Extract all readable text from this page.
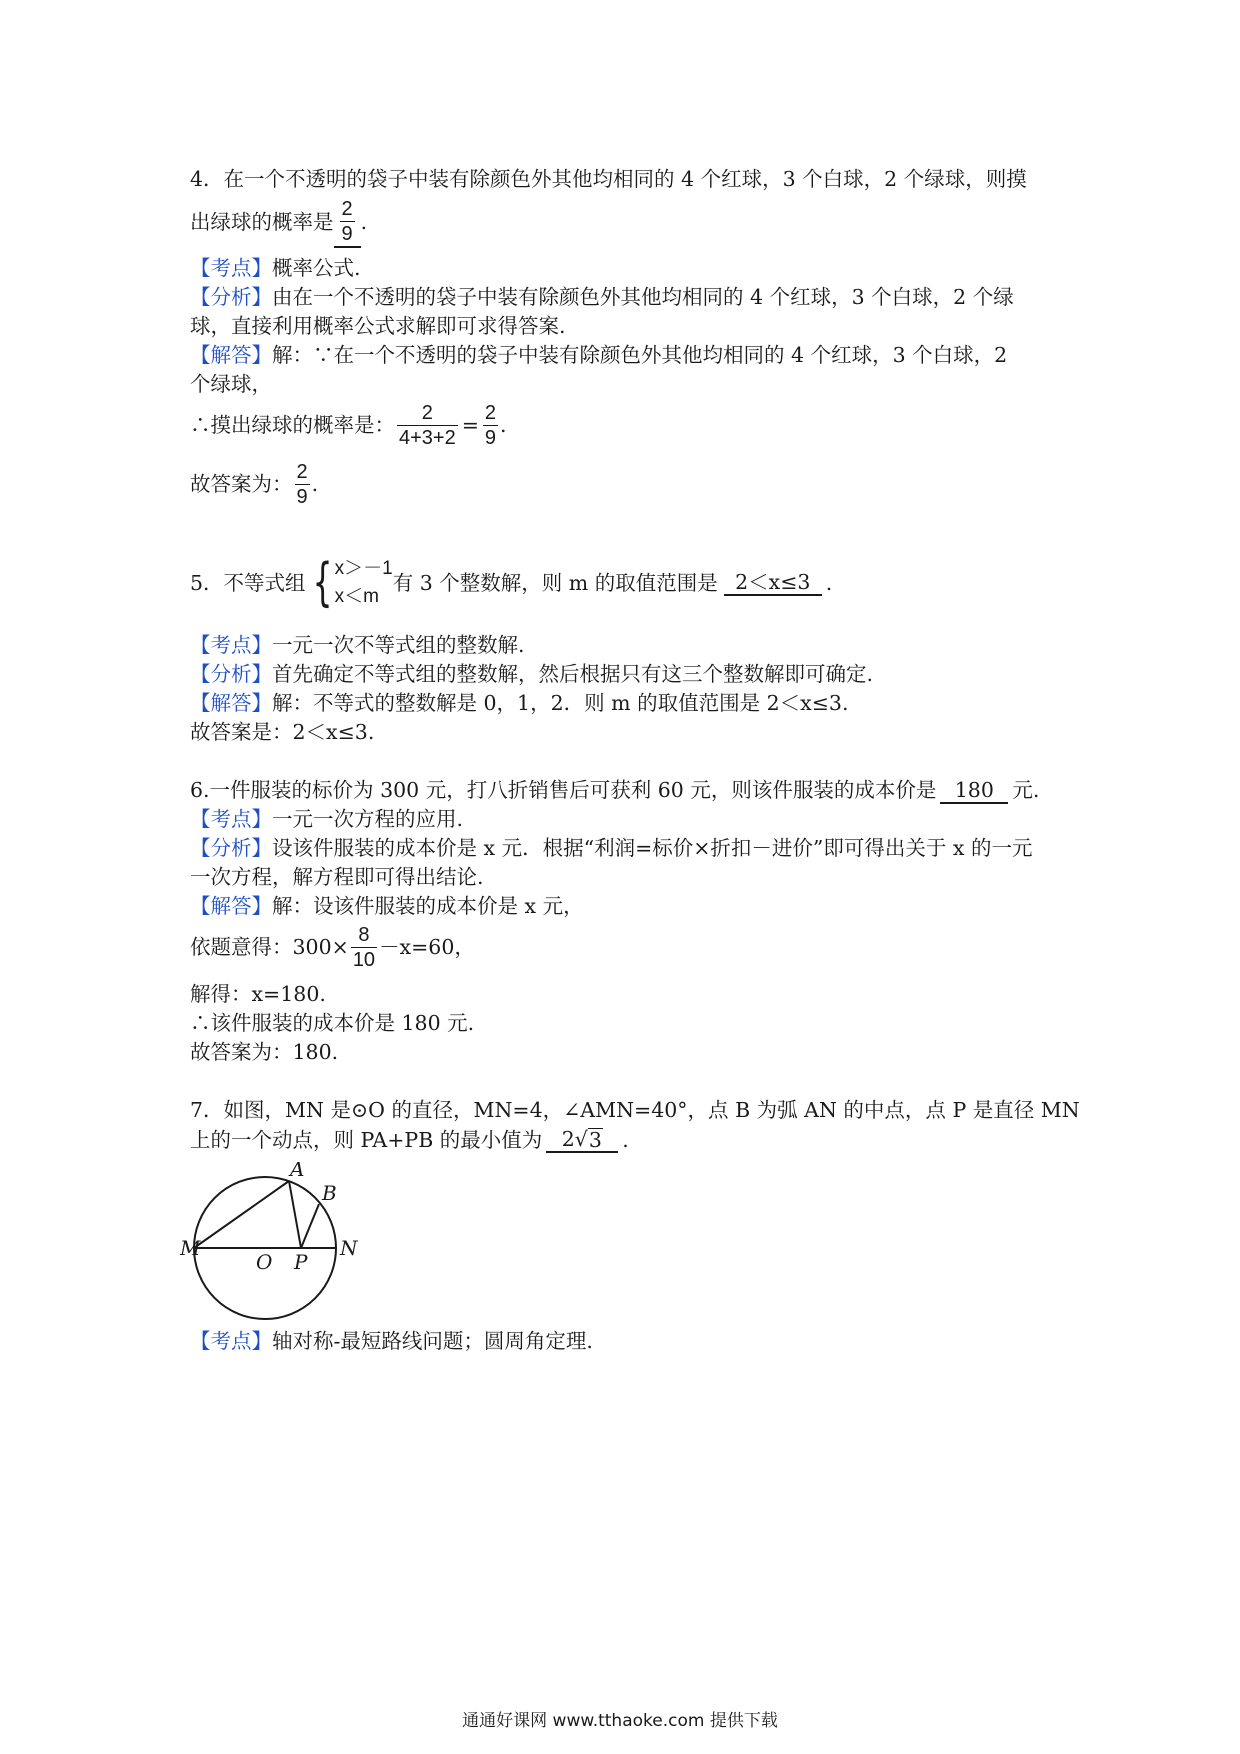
4．在一个不透明的袋子中装有除颜色外其他均相同的 4 个红球，3 个白球，2 个绿球，则摸
出绿球的概率是 $\frac{2}{9}$ .
【考点】概率公式.
【分析】由在一个不透明的袋子中装有除颜色外其他均相同的 4 个红球，3 个白球，2 个绿
球，直接利用概率公式求解即可求得答案.
【解答】解：∵在一个不透明的袋子中装有除颜色外其他均相同的 4 个红球，3 个白球，2
个绿球，
∴摸出绿球的概率是： $\frac{2}{4+3+2} = \frac{2}{9}$ .
故答案为： $\frac{2}{9}$ .
5．不等式组 { x＞－1
x＜m
有 3 个整数解，则 m 的取值范围是 2＜x≤3 .
【考点】一元一次不等式组的整数解.
【分析】首先确定不等式组的整数解，然后根据只有这三个整数解即可确定.
【解答】解：不等式的整数解是 0，1，2．则 m 的取值范围是 2＜x≤3.
故答案是：2＜x≤3.
6.一件服装的标价为 300 元，打八折销售后可获利 60 元，则该件服装的成本价是 180 元.
【考点】一元一次方程的应用.
【分析】设该件服装的成本价是 x 元．根据“利润=标价×折扣－进价”即可得出关于 x 的一元
一次方程，解方程即可得出结论.
【解答】解：设该件服装的成本价是 x 元，
依题意得：$300\times \frac{8}{10} -x=60$，
解得：x=180.
∴该件服装的成本价是 180 元.
故答案为：180.
7．如图，MN 是⊙O 的直径，MN=4，∠AMN=40°，点 B 为弧 AN 的中点，点 P 是直径 MN
上的一个动点，则 PA+PB 的最小值为 2 √ 3 .
A
B
M
O P
N
【考点】轴对称-最短路线问题；圆周角定理.
通通好课网 www.tthaoke.com 提供下载
